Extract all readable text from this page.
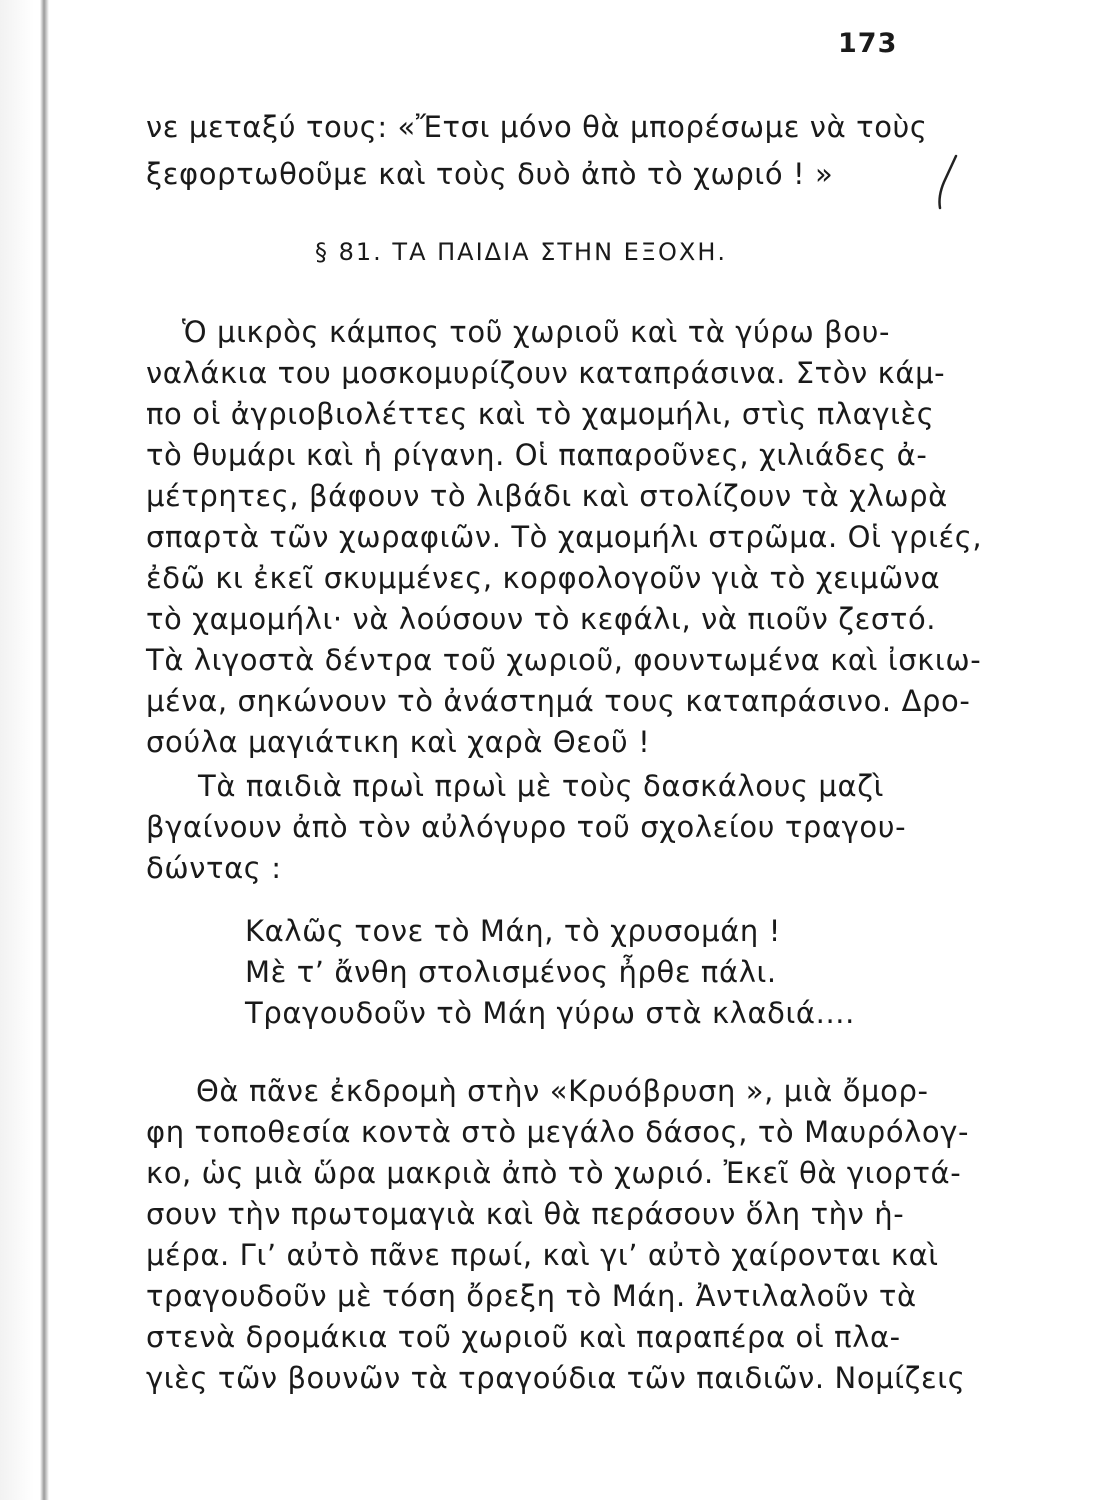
173
νε μεταξύ τους: «Ἔτσι μόνο θὰ μπορέσωμε νὰ τοὺς
ξεφορτωθοῦμε καὶ τοὺς δυὸ ἀπὸ τὸ χωριό ! »
§ 81. ΤΑ ΠΑΙΔΙΑ ΣΤΗΝ ΕΞΟΧΗ.
Ὁ μικρὸς κάμπος τοῦ χωριοῦ καὶ τὰ γύρω βου-
ναλάκια του μοσκομυρίζουν καταπράσινα. Στὸν κάμ-
πο οἱ ἀγριοβιολέττες καὶ τὸ χαμομήλι, στὶς πλαγιὲς
τὸ θυμάρι καὶ ἡ ρίγανη. Οἱ παπαροῦνες, χιλιάδες ἀ-
μέτρητες, βάφουν τὸ λιβάδι καὶ στολίζουν τὰ χλωρὰ
σπαρτὰ τῶν χωραφιῶν. Τὸ χαμομήλι στρῶμα. Οἱ γριές,
ἐδῶ κι ἐκεῖ σκυμμένες, κορφολογοῦν γιὰ τὸ χειμῶνα
τὸ χαμομήλι· νὰ λούσουν τὸ κεφάλι, νὰ πιοῦν ζεστό.
Τὰ λιγοστὰ δέντρα τοῦ χωριοῦ, φουντωμένα καὶ ἰσκιω-
μένα, σηκώνουν τὸ ἀνάστημά τους καταπράσινο. Δρο-
σούλα μαγιάτικη καὶ χαρὰ Θεοῦ !
Τὰ παιδιὰ πρωὶ πρωὶ μὲ τοὺς δασκάλους μαζὶ
βγαίνουν ἀπὸ τὸν αὐλόγυρο τοῦ σχολείου τραγου-
δώντας :
Καλῶς τονε τὸ Μάη, τὸ χρυσομάη !
Μὲ τ’ ἄνθη στολισμένος ἦρθε πάλι.
Τραγουδοῦν τὸ Μάη γύρω στὰ κλαδιά....
Θὰ πᾶνε ἐκδρομὴ στὴν «Κρυόβρυση », μιὰ ὄμορ-
φη τοποθεσία κοντὰ στὸ μεγάλο δάσος, τὸ Μαυρόλογ-
κο, ὡς μιὰ ὥρα μακριὰ ἀπὸ τὸ χωριό. Ἐκεῖ θὰ γιορτά-
σουν τὴν πρωτομαγιὰ καὶ θὰ περάσουν ὅλη τὴν ἡ-
μέρα. Γι’ αὐτὸ πᾶνε πρωί, καὶ γι’ αὐτὸ χαίρονται καὶ
τραγουδοῦν μὲ τόση ὄρεξη τὸ Μάη. Ἀντιλαλοῦν τὰ
στενὰ δρομάκια τοῦ χωριοῦ καὶ παραπέρα οἱ πλα-
γιὲς τῶν βουνῶν τὰ τραγούδια τῶν παιδιῶν. Νομίζεις
